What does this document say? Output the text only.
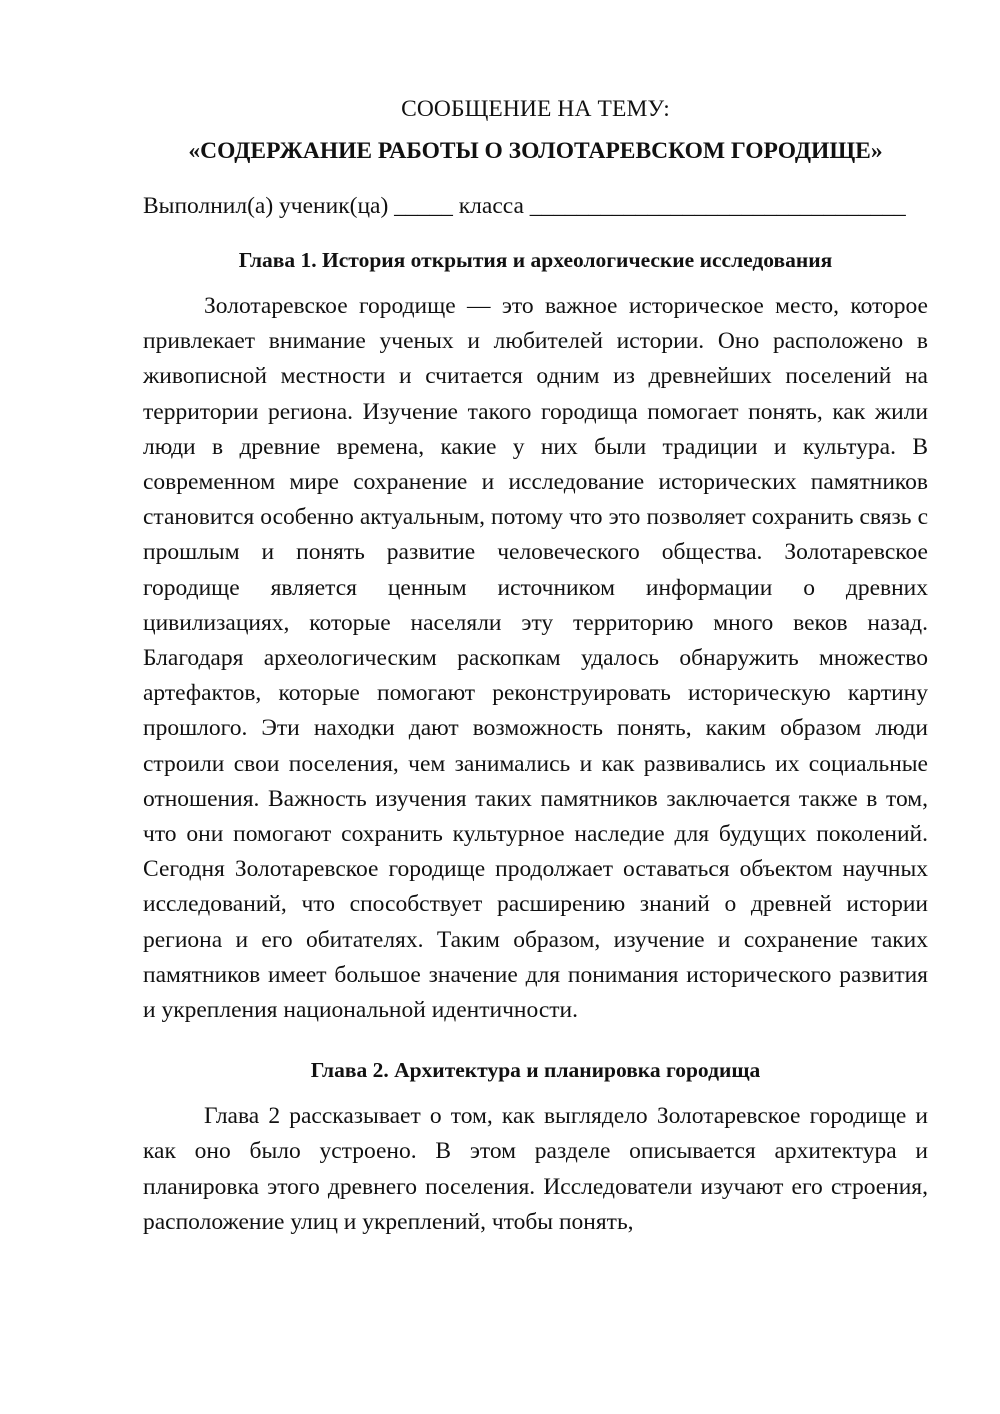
СООБЩЕНИЕ НА ТЕМУ:
«СОДЕРЖАНИЕ РАБОТЫ О ЗОЛОТАРЕВСКОМ ГОРОДИЩЕ»

Выполнил(а) ученик(ца) _____ класса ________________________________

Глава 1. История открытия и археологические исследования

Золотаревское городище — это важное историческое место, которое привлекает внимание ученых и любителей истории. Оно расположено в живописной местности и считается одним из древнейших поселений на территории региона. Изучение такого городища помогает понять, как жили люди в древние времена, какие у них были традиции и культура. В современном мире сохранение и исследование исторических памятников становится особенно актуальным, потому что это позволяет сохранить связь с прошлым и понять развитие человеческого общества. Золотаревское городище является ценным источником информации о древних цивилизациях, которые населяли эту территорию много веков назад. Благодаря археологическим раскопкам удалось обнаружить множество артефактов, которые помогают реконструировать историческую картину прошлого. Эти находки дают возможность понять, каким образом люди строили свои поселения, чем занимались и как развивались их социальные отношения. Важность изучения таких памятников заключается также в том, что они помогают сохранить культурное наследие для будущих поколений. Сегодня Золотаревское городище продолжает оставаться объектом научных исследований, что способствует расширению знаний о древней истории региона и его обитателях. Таким образом, изучение и сохранение таких памятников имеет большое значение для понимания исторического развития и укрепления национальной идентичности.

Глава 2. Архитектура и планировка городища

Глава 2 рассказывает о том, как выглядело Золотаревское городище и как оно было устроено. В этом разделе описывается архитектура и планировка этого древнего поселения. Исследователи изучают его строения, расположение улиц и укреплений, чтобы понять,
